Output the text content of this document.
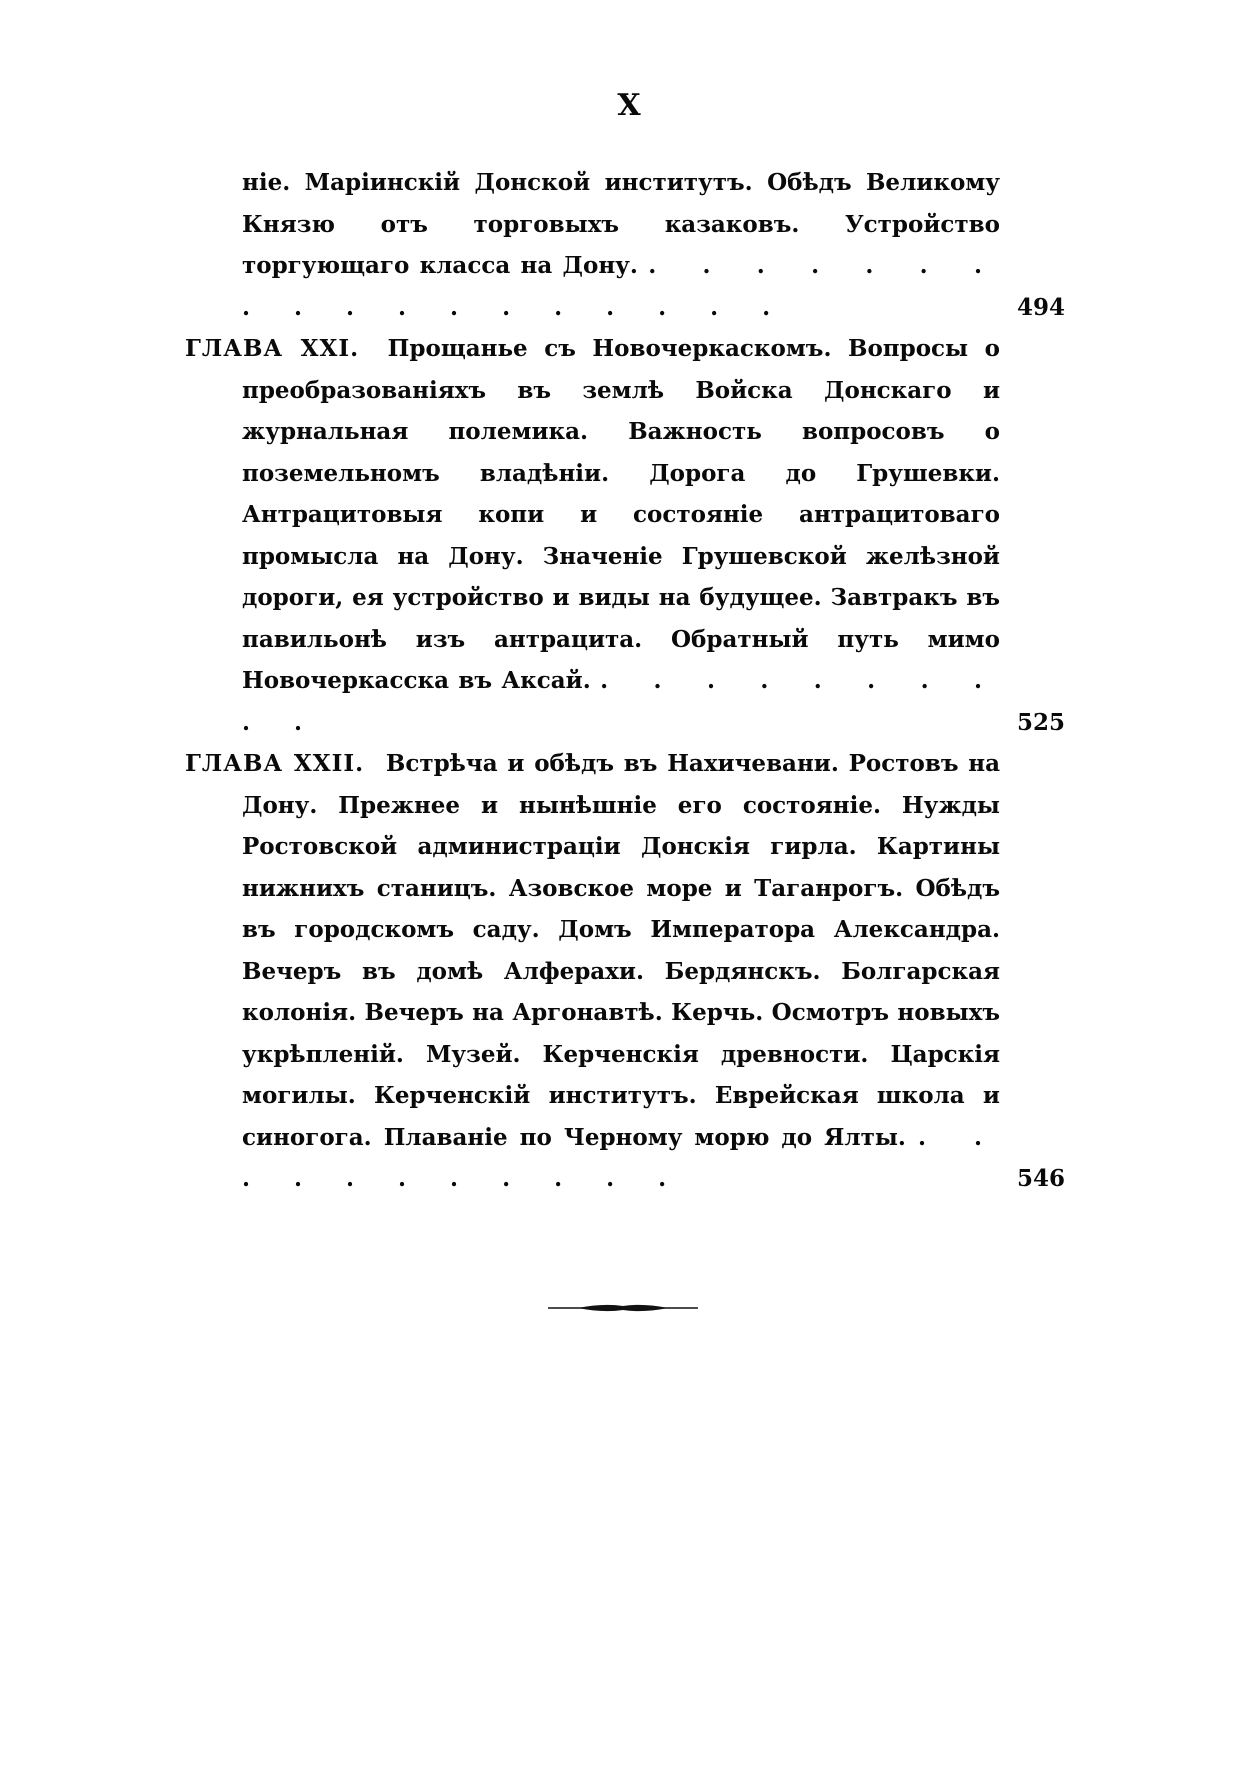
X
ніе. Маріинскій Донской институтъ. Обѣдъ Великому Князю отъ торговыхъ казаковъ. Устройство торгующаго класса на Дону. . . . . . . . . . . . . . . . . . .	494
ГЛАВА XXI. Прощанье съ Новочеркаскомъ. Вопросы о преобразованіяхъ въ землѣ Войска Донскаго и журнальная полемика. Важность вопросовъ о поземельномъ владѣніи. Дорога до Грушевки. Антрацитовыя копи и состояніе антрацитоваго промысла на Дону. Значеніе Грушевской желѣзной дороги, ея устройство и виды на будущее. Завтракъ въ павильонѣ изъ антрацита. Обратный путь мимо Новочеркасска въ Аксай. . . . . . . . . . .	525
ГЛАВА XXII. Встрѣча и обѣдъ въ Нахичевани. Ростовъ на Дону. Прежнее и нынѣшніе его состояніе. Нужды Ростовской администраціи Донскія гирла. Картины нижнихъ станицъ. Азовское море и Таганрогъ. Обѣдъ въ городскомъ саду. Домъ Императора Александра. Вечеръ въ домѣ Алферахи. Бердянскъ. Болгарская колонія. Вечеръ на Аргонавтѣ. Керчь. Осмотръ новыхъ укрѣпленій. Музей. Керченскія древности. Царскія могилы. Керченскій институтъ. Еврейская школа и синогога. Плаваніе по Черному морю до Ялты. . . . . . . . . . . .	546
